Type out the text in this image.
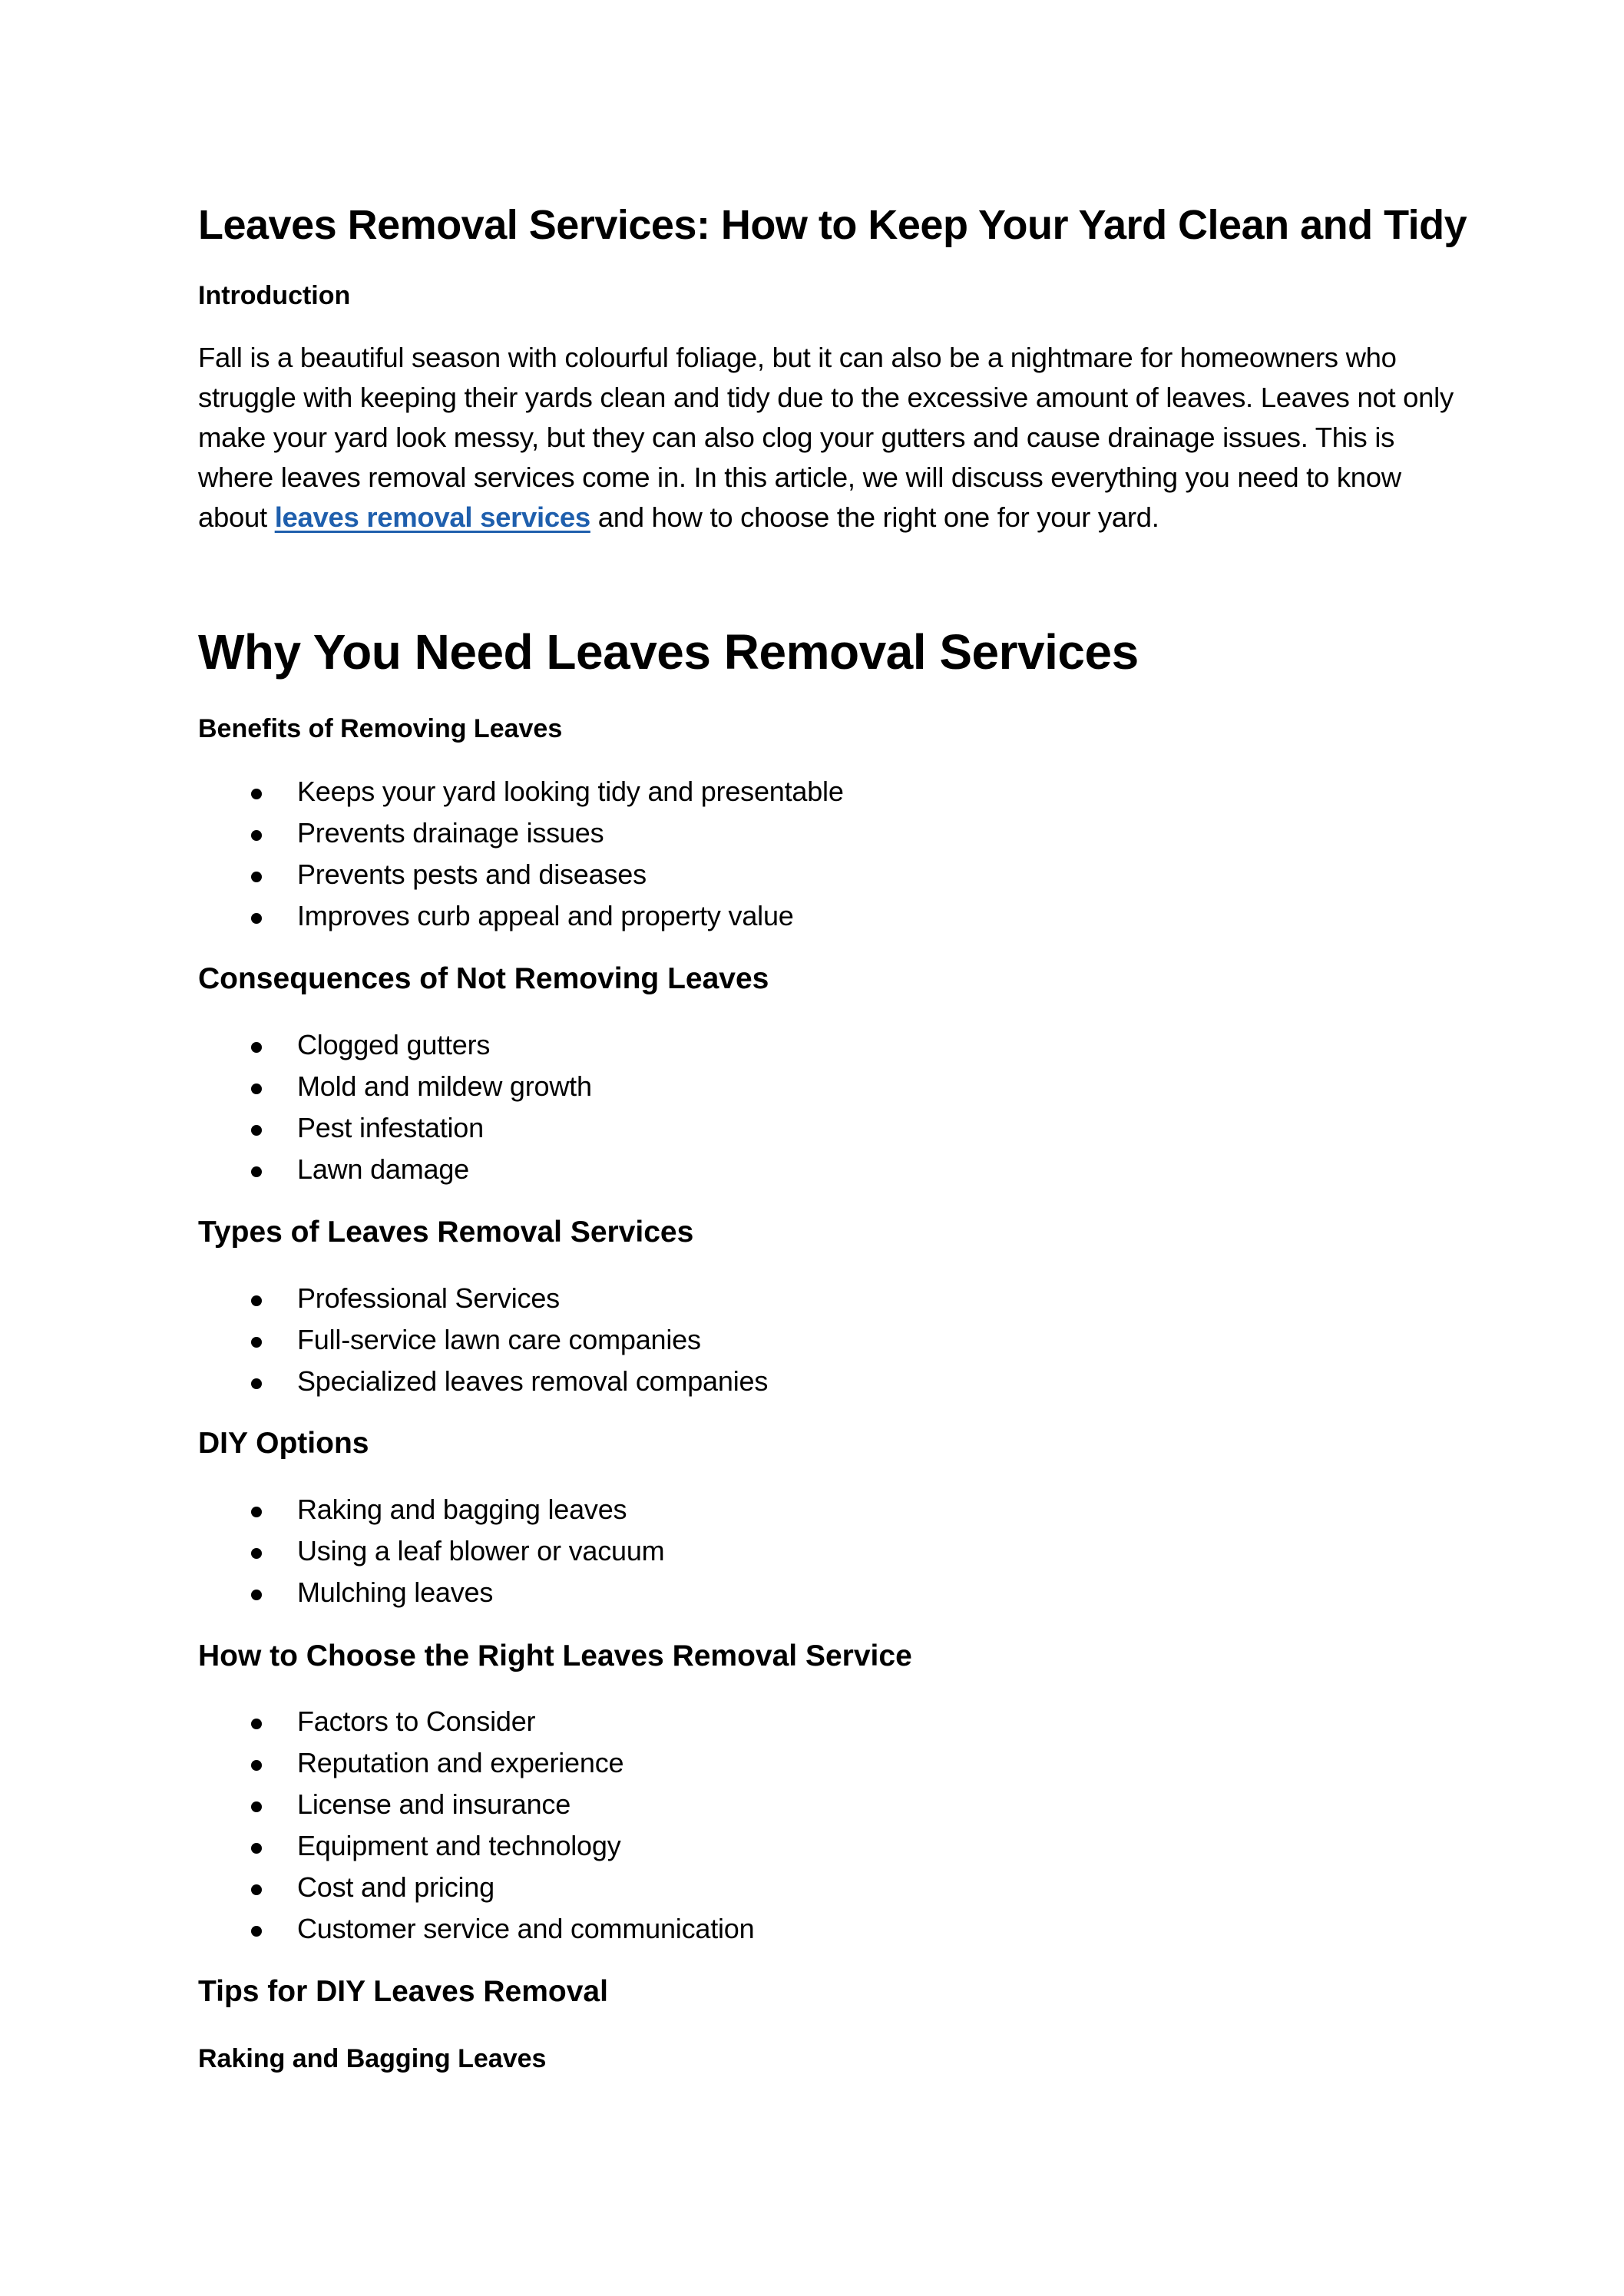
Leaves Removal Services: How to Keep Your Yard Clean and Tidy
Introduction
Fall is a beautiful season with colourful foliage, but it can also be a nightmare for homeowners who struggle with keeping their yards clean and tidy due to the excessive amount of leaves. Leaves not only make your yard look messy, but they can also clog your gutters and cause drainage issues. This is where leaves removal services come in. In this article, we will discuss everything you need to know about leaves removal services and how to choose the right one for your yard.
Why You Need Leaves Removal Services
Benefits of Removing Leaves
Keeps your yard looking tidy and presentable
Prevents drainage issues
Prevents pests and diseases
Improves curb appeal and property value
Consequences of Not Removing Leaves
Clogged gutters
Mold and mildew growth
Pest infestation
Lawn damage
Types of Leaves Removal Services
Professional Services
Full-service lawn care companies
Specialized leaves removal companies
DIY Options
Raking and bagging leaves
Using a leaf blower or vacuum
Mulching leaves
How to Choose the Right Leaves Removal Service
Factors to Consider
Reputation and experience
License and insurance
Equipment and technology
Cost and pricing
Customer service and communication
Tips for DIY Leaves Removal
Raking and Bagging Leaves
